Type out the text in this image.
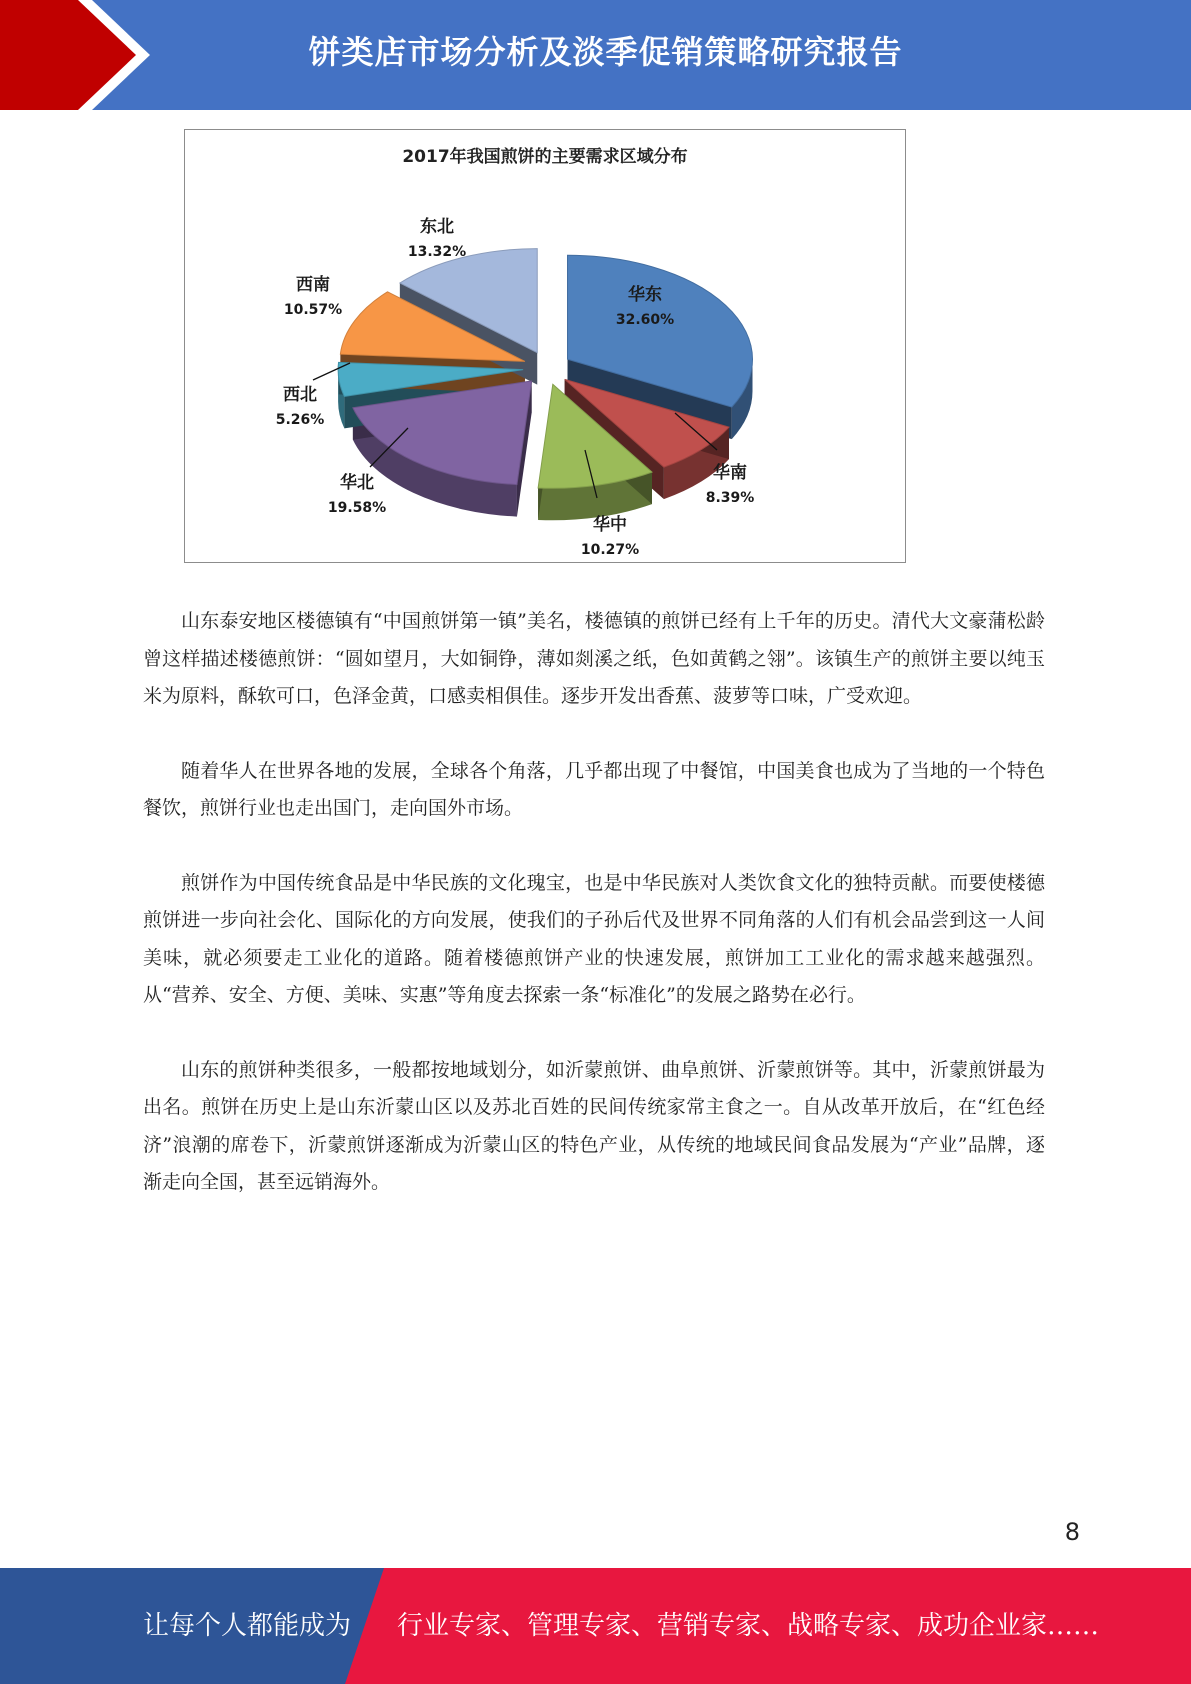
饼类店市场分析及淡季促销策略研究报告
2017年我国煎饼的主要需求区域分布
华东
32.60%
华南
8.39%
华中
10.27%
华北
19.58%
西北
5.26%
西南
10.57%
东北
13.32%

山东泰安地区楼德镇有“中国煎饼第一镇”美名，楼德镇的煎饼已经有上千年的历史。清代大文豪蒲松龄曾这样描述楼德煎饼：“圆如望月，大如铜铮，薄如剡溪之纸，色如黄鹤之翎”。该镇生产的煎饼主要以纯玉米为原料，酥软可口，色泽金黄，口感卖相俱佳。逐步开发出香蕉、菠萝等口味，广受欢迎。

随着华人在世界各地的发展，全球各个角落，几乎都出现了中餐馆，中国美食也成为了当地的一个特色餐饮，煎饼行业也走出国门，走向国外市场。

煎饼作为中国传统食品是中华民族的文化瑰宝，也是中华民族对人类饮食文化的独特贡献。而要使楼德煎饼进一步向社会化、国际化的方向发展，使我们的子孙后代及世界不同角落的人们有机会品尝到这一人间美味，就必须要走工业化的道路。随着楼德煎饼产业的快速发展，煎饼加工工业化的需求越来越强烈。从“营养、安全、方便、美味、实惠”等角度去探索一条“标准化”的发展之路势在必行。

山东的煎饼种类很多，一般都按地域划分，如沂蒙煎饼、曲阜煎饼、沂蒙煎饼等。其中，沂蒙煎饼最为出名。煎饼在历史上是山东沂蒙山区以及苏北百姓的民间传统家常主食之一。自从改革开放后，在“红色经济”浪潮的席卷下，沂蒙煎饼逐渐成为沂蒙山区的特色产业，从传统的地域民间食品发展为“产业”品牌，逐渐走向全国，甚至远销海外。

8
让每个人都能成为 行业专家、管理专家、营销专家、战略专家、成功企业家……
